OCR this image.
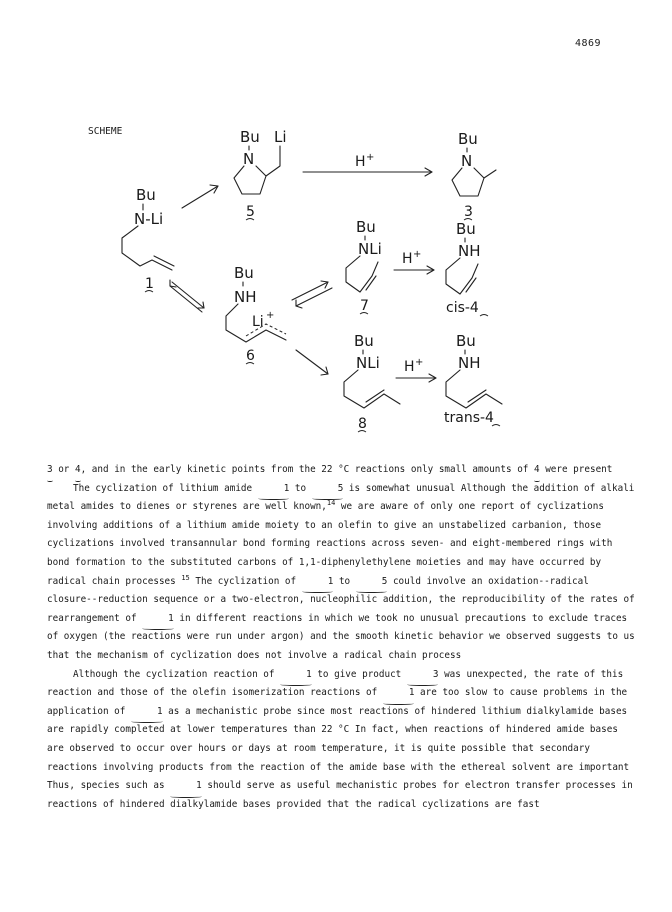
4869
SCHEME
Bu
N-Li
1
Bu Li
N
5
H +
Bu
N
3
Bu
NH
Li +
6
Bu
NLi
7
H +
Bu
NH
cis-4
Bu
NLi
8
H +
Bu
NH
trans-4

3 or 4, and in the early kinetic points from the 22 °C reactions only small amounts of 4 were present

The cyclization of lithium amide	1 to	5 is somewhat unusual Although the addition of alkali metal amides to dienes or styrenes are well known,$^{14}$ we are aware of only one report of cyclizations involving additions of a lithium amide moiety to an olefin to give an unstabelized carbanion, those cyclizations involved transannular bond forming reactions across seven- and eight-membered rings with bond formation to the substituted carbons of 1,1-diphenylethylene moieties and may have occurred by radical chain processes $^{15}$ The cyclization of	1 to	5 could involve an oxidation--radical closure--reduction sequence or a two-electron, nucleophilic addition, the reproducibility of the rates of rearrangement of	1 in different reactions in which we took no unusual precautions to exclude traces of oxygen (the reactions were run under argon) and the smooth kinetic behavior we observed suggests to us that the mechanism of cyclization does not involve a radical chain process

Although the cyclization reaction of	1 to give product	3 was unexpected, the rate of this reaction and those of the olefin isomerization reactions of	1 are too slow to cause problems in the application of	1 as a mechanistic probe since most reactions of hindered lithium dialkylamide bases are rapidly completed at lower temperatures than 22 °C In fact, when reactions of hindered amide bases are observed to occur over hours or days at room temperature, it is quite possible that secondary reactions involving products from the reaction of the amide base with the ethereal solvent are important Thus, species such as	1 should serve as useful mechanistic probes for electron transfer processes in reactions of hindered dialkylamide bases provided that the radical cyclizations are fast
